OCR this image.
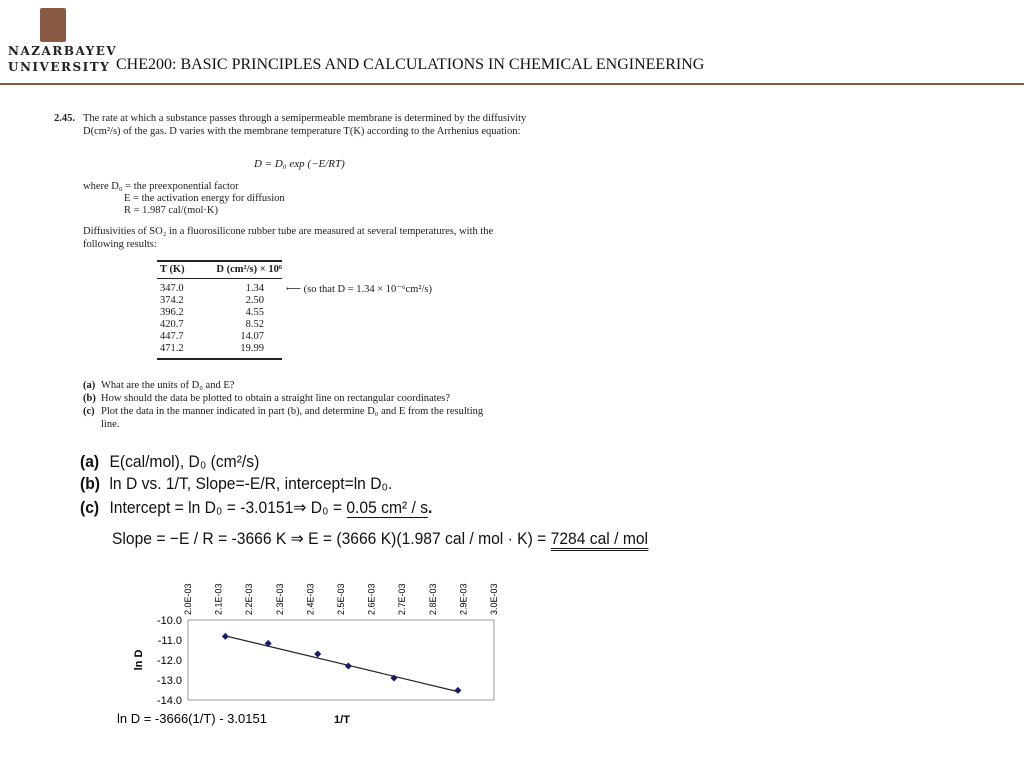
NAZARBAYEV
UNIVERSITY CHE200: BASIC PRINCIPLES AND CALCULATIONS IN CHEMICAL ENGINEERING
2.45. The rate at which a substance passes through a semipermeable membrane is determined by the diffusivity D(cm²/s) of the gas. D varies with the membrane temperature T(K) according to the Arrhenius equation:
D = D₀ exp (−E/RT)
where D₀ = the preexponential factor
E = the activation energy for diffusion
R = 1.987 cal/(mol·K)
Diffusivities of SO₂ in a fluorosilicone rubber tube are measured at several temperatures, with the following results:
T (K)	D (cm²/s) × 10⁶
347.0	1.34
374.2	2.50
396.2	4.55
420.7	8.52
447.7	14.07
471.2	19.99
⟵ (so that D = 1.34 × 10⁻⁶cm²/s)
(a) What are the units of D₀ and E?
(b) How should the data be plotted to obtain a straight line on rectangular coordinates?
(c) Plot the data in the manner indicated in part (b), and determine D₀ and E from the resulting
line.
(a) E(cal/mol), D₀ (cm²/s)
(b) ln D vs. 1/T, Slope=-E/R, intercept=ln D₀.
(c) Intercept = ln D₀ = -3.0151⇒ D₀ = 0.05 cm² / s.
Slope = −E / R = -3666 K ⇒ E = (3666 K)(1.987 cal / mol · K) = 7284 cal / mol
2.0E-03 2.1E-03 2.2E-03 2.3E-03 2.4E-03 2.5E-03 2.6E-03 2.7E-03 2.8E-03 2.9E-03 3.0E-03
-10.0
-11.0
-12.0
-13.0
-14.0
ln D
1/T
ln D = -3666(1/T) - 3.0151
